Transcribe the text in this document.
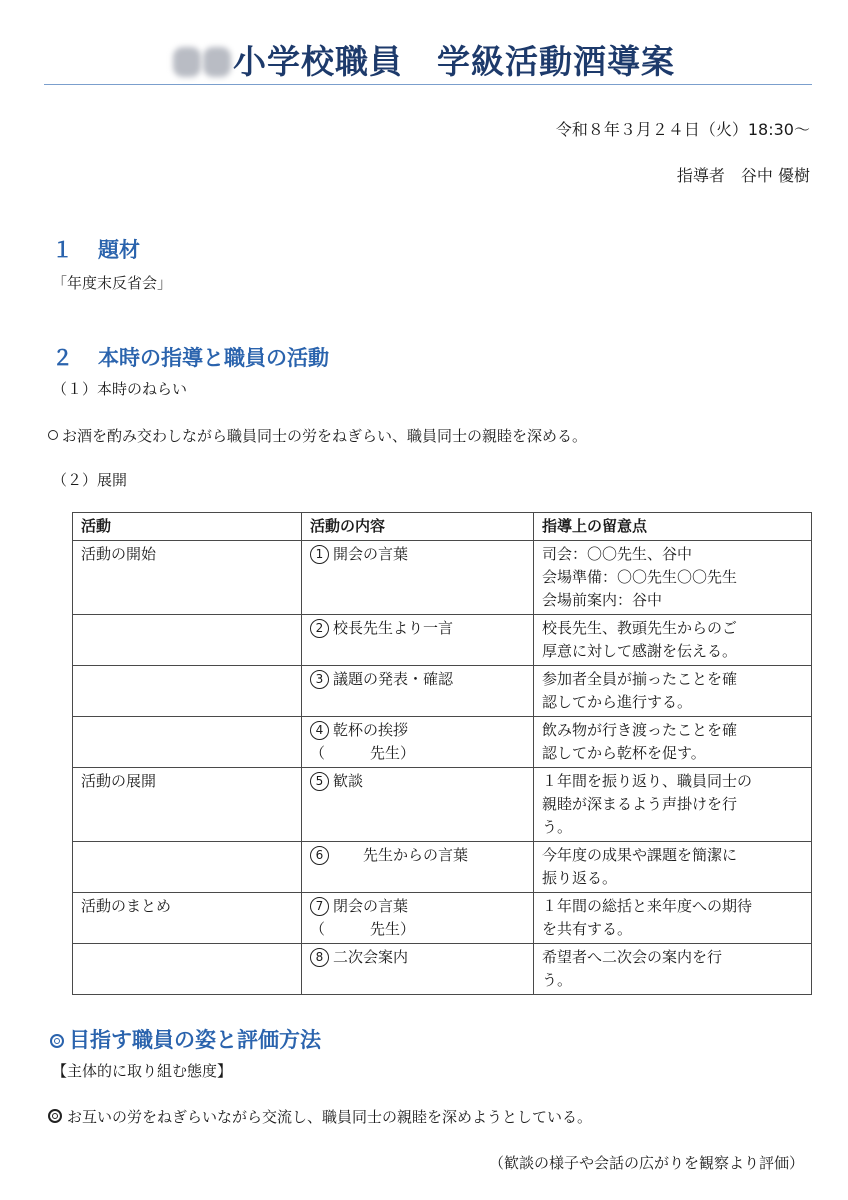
小学校職員　学級活動酒導案
令和８年３月２４日（火）18:30〜
指導者　谷中 優樹
１ 題材
「年度末反省会」
２ 本時の指導と職員の活動
（１）本時のねらい
お酒を酌み交わしながら職員同士の労をねぎらい、職員同士の親睦を深める。
（２）展開
活動	活動の内容	指導上の留意点
活動の開始	1 開会の言葉	司会：〇〇先生、谷中
会場準備：〇〇先生〇〇先生
会場前案内：谷中
	2 校長先生より一言	校長先生、教頭先生からのご
厚意に対して感謝を伝える。
	3 議題の発表・確認	参加者全員が揃ったことを確
認してから進行する。
	4 乾杯の挨拶
（　　　先生）	飲み物が行き渡ったことを確
認してから乾杯を促す。
活動の展開	5 歓談	１年間を振り返り、職員同士の
親睦が深まるよう声掛けを行
う。
	6　　先生からの言葉	今年度の成果や課題を簡潔に
振り返る。
活動のまとめ	7 閉会の言葉
（　　　先生）	１年間の総括と来年度への期待
を共有する。
	8 二次会案内	希望者へ二次会の案内を行
う。
目指す職員の姿と評価方法
【主体的に取り組む態度】
お互いの労をねぎらいながら交流し、職員同士の親睦を深めようとしている。
（歓談の様子や会話の広がりを観察より評価）
